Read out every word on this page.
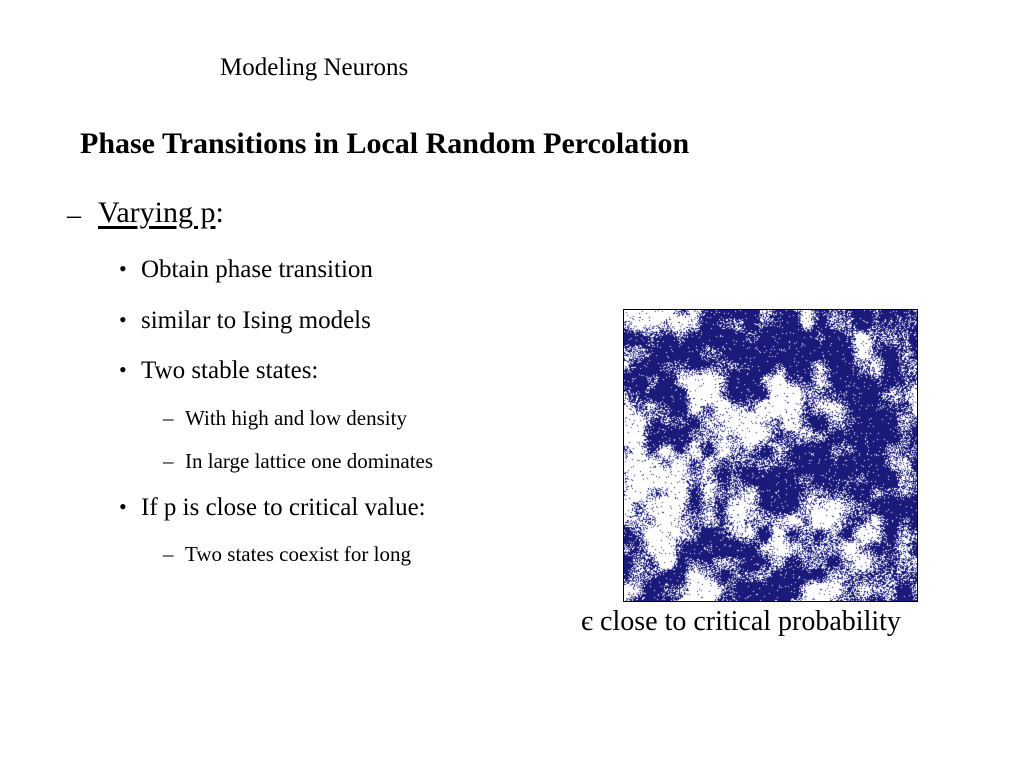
Modeling Neurons
Phase Transitions in Local Random Percolation
– Varying p:
• Obtain phase transition
• similar to Ising models
• Two stable states:
– With high and low density
– In large lattice one dominates
• If p is close to critical value:
– Two states coexist for long
є close to critical probability
